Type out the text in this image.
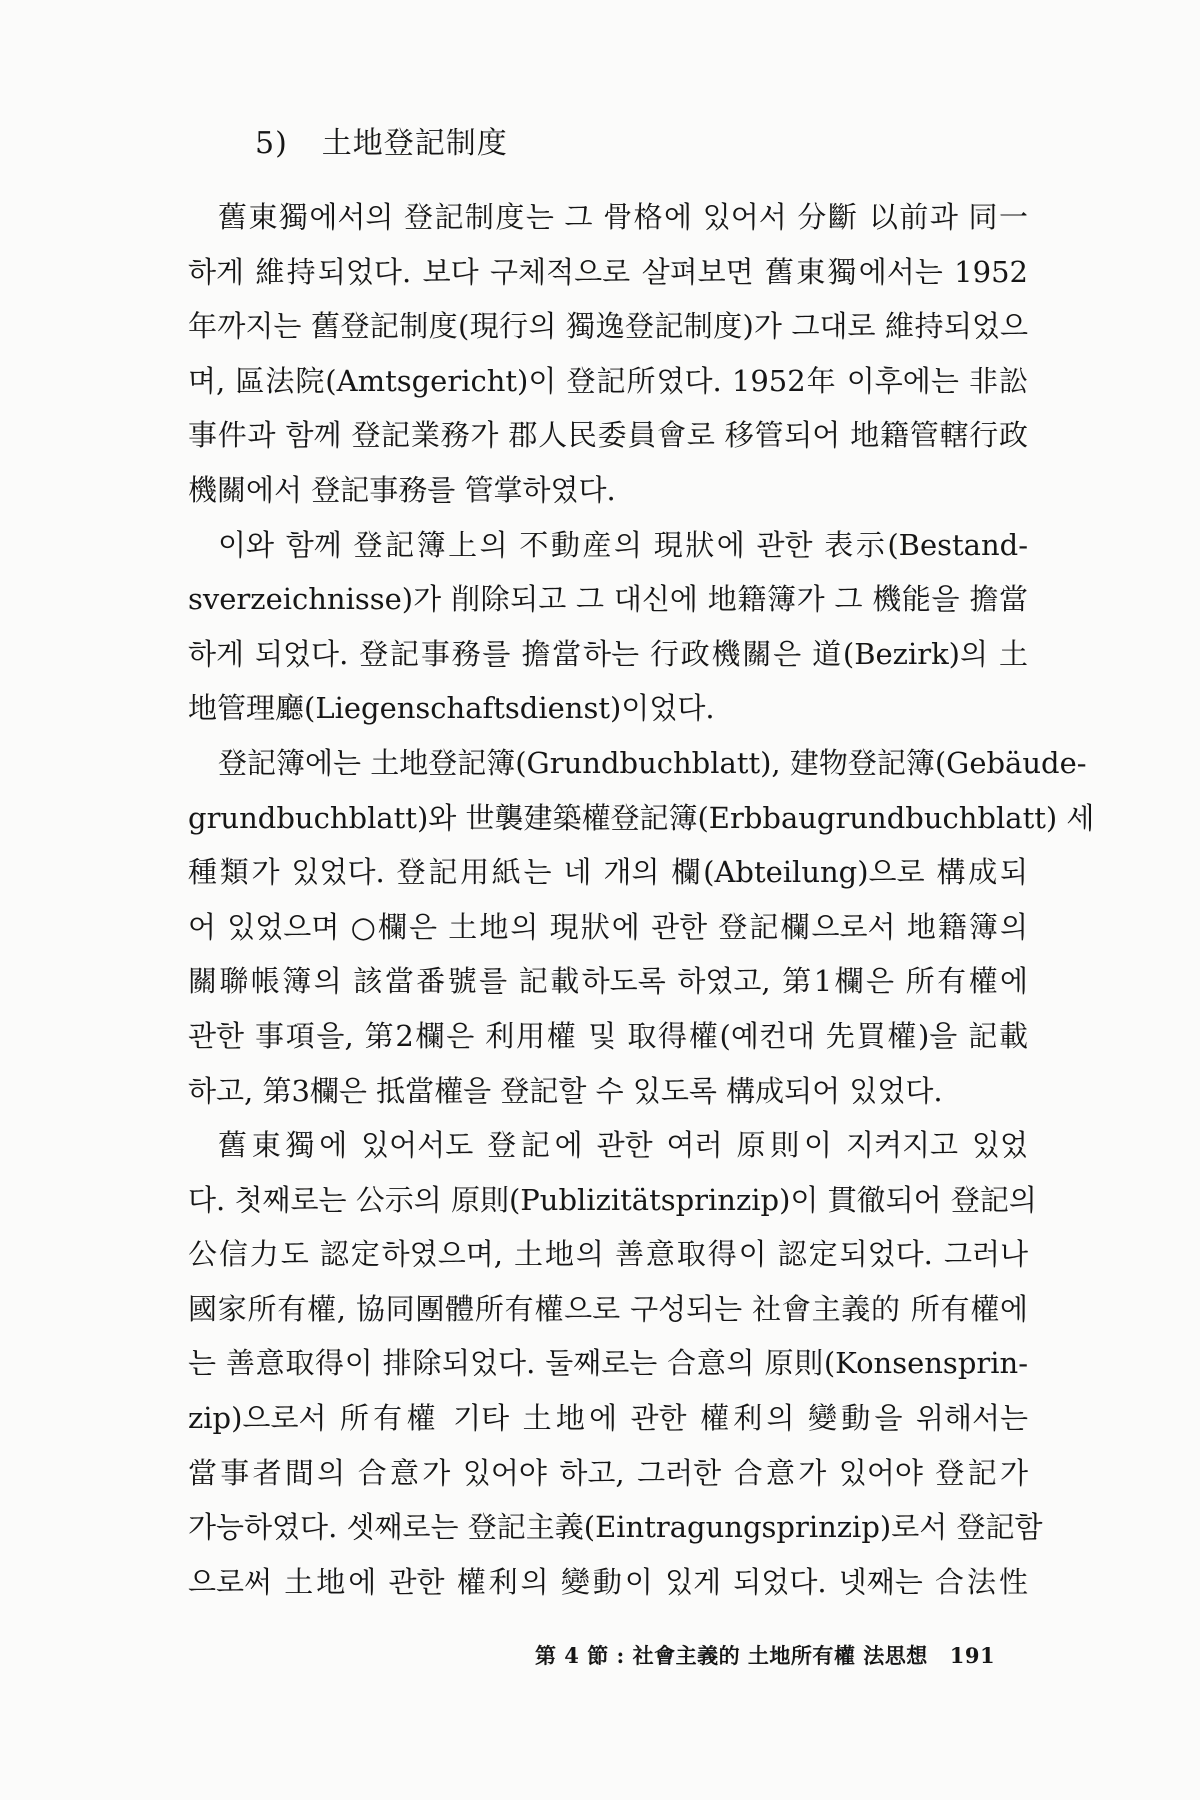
5) 土地登記制度
舊東獨에서의 登記制度는 그 骨格에 있어서 分斷 以前과 同一
하게 維持되었다. 보다 구체적으로 살펴보면 舊東獨에서는 1952
年까지는 舊登記制度(現行의 獨逸登記制度)가 그대로 維持되었으
며, 區法院(Amtsgericht)이 登記所였다. 1952年 이후에는 非訟
事件과 함께 登記業務가 郡人民委員會로 移管되어 地籍管轄行政
機關에서 登記事務를 管掌하였다.
이와 함께 登記簿上의 不動産의 現狀에 관한 表示(Bestand-
sverzeichnisse)가 削除되고 그 대신에 地籍簿가 그 機能을 擔當
하게 되었다. 登記事務를 擔當하는 行政機關은 道(Bezirk)의 土
地管理廳(Liegenschaftsdienst)이었다.
登記簿에는 土地登記簿(Grundbuchblatt), 建物登記簿(Gebäude-
grundbuchblatt)와 世襲建築權登記簿(Erbbaugrundbuchblatt) 세
種類가 있었다. 登記用紙는 네 개의 欄(Abteilung)으로 構成되
어 있었으며 ○欄은 土地의 現狀에 관한 登記欄으로서 地籍簿의
關聯帳簿의 該當番號를 記載하도록 하였고, 第1欄은 所有權에
관한 事項을, 第2欄은 利用權 및 取得權(예컨대 先買權)을 記載
하고, 第3欄은 抵當權을 登記할 수 있도록 構成되어 있었다.
舊東獨에 있어서도 登記에 관한 여러 原則이 지켜지고 있었
다. 첫째로는 公示의 原則(Publizitätsprinzip)이 貫徹되어 登記의
公信力도 認定하였으며, 土地의 善意取得이 認定되었다. 그러나
國家所有權, 協同團體所有權으로 구성되는 社會主義的 所有權에
는 善意取得이 排除되었다. 둘째로는 合意의 原則(Konsensprin-
zip)으로서 所有權 기타 土地에 관한 權利의 變動을 위해서는
當事者間의 合意가 있어야 하고, 그러한 合意가 있어야 登記가
가능하였다. 셋째로는 登記主義(Eintragungsprinzip)로서 登記함
으로써 土地에 관한 權利의 變動이 있게 되었다. 넷째는 合法性
第 4 節 : 社會主義的 土地所有權 法思想 191
